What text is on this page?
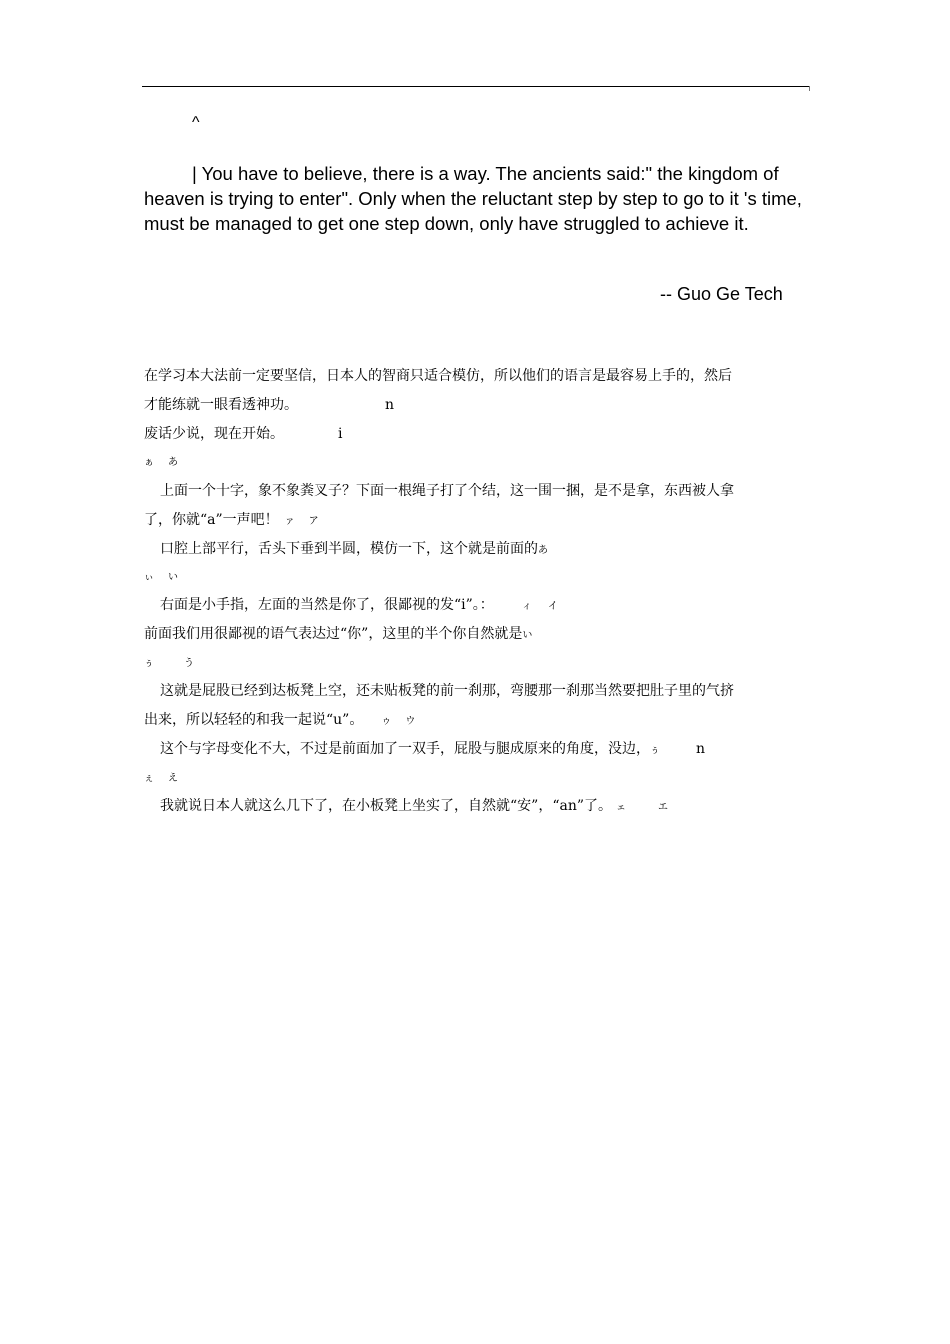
^

| You have to believe, there is a way. The ancients said:" the kingdom of heaven is trying to enter". Only when the reluctant step by step to go to it 's time, must be managed to get one step down, only have struggled to achieve it.

-- Guo Ge Tech

在学习本大法前一定要坚信，日本人的智商只适合模仿，所以他们的语言是最容易上手的，然后

才能练就一眼看透神功。	n

废话少说，现在开始。	i

ぁ あ

上面一个十字，象不象粪叉子？下面一根绳子打了个结，这一围一捆，是不是拿，东西被人拿

了，你就“a”一声吧！ ァ ア

口腔上部平行，舌头下垂到半圆，模仿一下，这个就是前面的あ

ぃ い

右面是小手指，左面的当然是你了，很鄙视的发“i”。：	ィ イ

前面我们用很鄙视的语气表达过“你”，这里的半个你自然就是い

ぅ	う

这就是屁股已经到达板凳上空，还未贴板凳的前一刹那，弯腰那一刹那当然要把肚子里的气挤

出来，所以轻轻的和我一起说“u”。 ゥ ウ

这个与字母变化不大，不过是前面加了一双手，屁股与腿成原来的角度，没边，ぅ	n

ぇ え

我就说日本人就这么几下了，在小板凳上坐实了，自然就“安”，“an”了。 ェ	エ
